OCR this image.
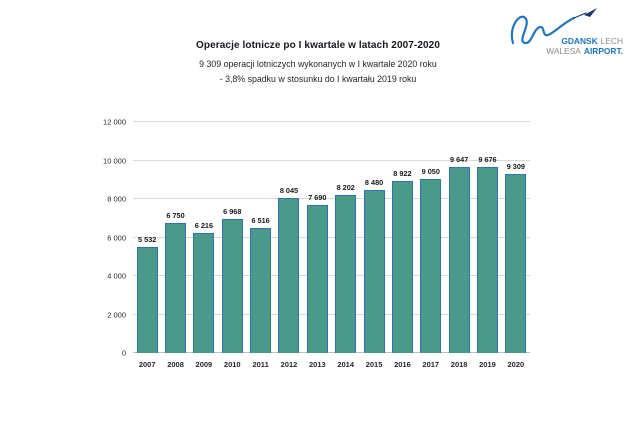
GDANSK LECH
WALESA AIRPORT.
Operacje lotnicze po I kwartale w latach 2007-2020
9 309 operacji lotniczych wykonanych w I kwartale 2020 roku
- 3,8% spadku w stosunku do I kwartału 2019 roku
5 532
6 750
6 216
6 968
6 516
8 045
7 690
8 202
8 480
8 922 9 050
9 647 9 676
9 309
2007	2008	2009	2010	2011	2012	2013	2014	2015	2016	2017	2018	2019	2020
0
2 000
4 000
6 000
8 000
10 000
12 000
